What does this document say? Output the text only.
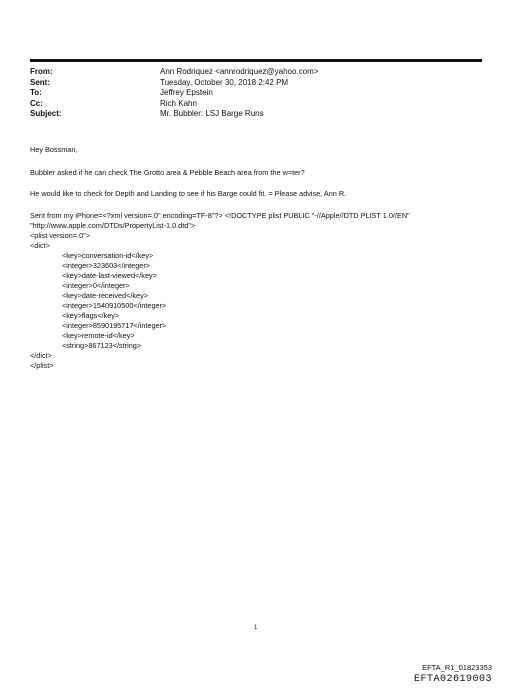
From:	Ann Rodriquez <annrodriquez@yahoo.com>
Sent:	Tuesday, October 30, 2018 2:42 PM
To:	Jeffrey Epstein
Cc:	Rich Kahn
Subject:	Mr. Bubbler: LSJ Barge Runs

Hey Bossman,

Bubbler asked if he can check The Grotto area & Pebble Beach area from the w=ter?

He would like to check for Depth and Landing to see if his Barge could fit. = Please advise, Ann R.

Sent from my iPhone=<?xml version=.0" encoding=TF-8"?> <!DOCTYPE plist PUBLIC "-//Apple//DTD PLIST 1.0//EN"
"http://www.apple.com/DTDs/PropertyList-1.0.dtd">
<plist version=.0">
<dict>
<key>conversation-id</key>
<integer>323603</integer>
<key>date-last-viewed</key>
<integer>0</integer>
<key>date-received</key>
<integer>1540910500</integer>
<key>flags</key>
<integer>8590195717</integer>
<key>remote-id</key>
<string>867123</string>
</dict>
</plist>
1
EFTA_R1_01823353
EFTA02619003
